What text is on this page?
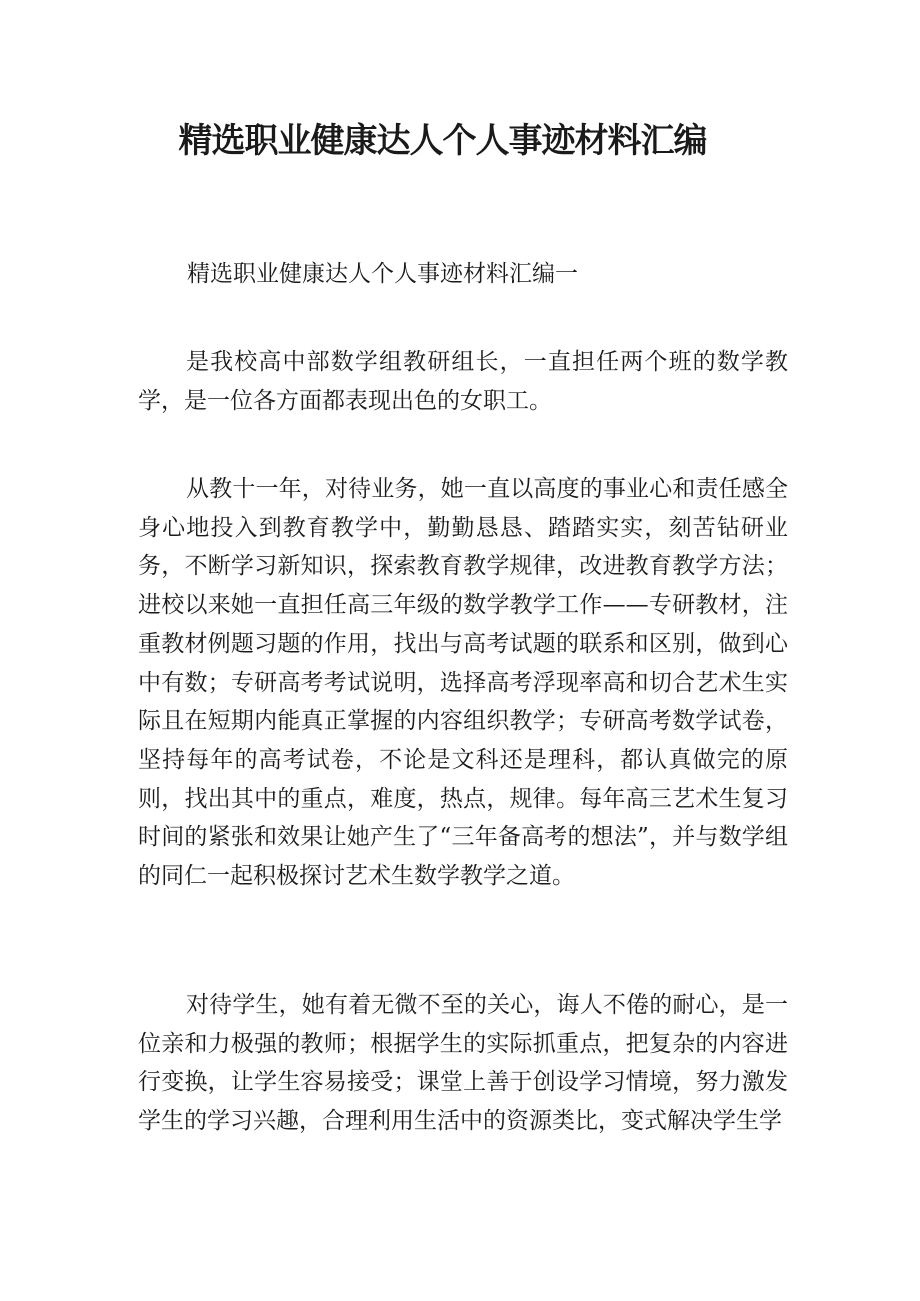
精选职业健康达人个人事迹材料汇编

精选职业健康达人个人事迹材料汇编一

是我校高中部数学组教研组长，一直担任两个班的数学教学，是一位各方面都表现出色的女职工。

从教十一年，对待业务，她一直以高度的事业心和责任感全身心地投入到教育教学中，勤勤恳恳、踏踏实实，刻苦钻研业务，不断学习新知识，探索教育教学规律，改进教育教学方法；进校以来她一直担任高三年级的数学教学工作——专研教材，注重教材例题习题的作用，找出与高考试题的联系和区别，做到心中有数；专研高考考试说明，选择高考浮现率高和切合艺术生实际且在短期内能真正掌握的内容组织教学；专研高考数学试卷，坚持每年的高考试卷，不论是文科还是理科，都认真做完的原则，找出其中的重点，难度，热点，规律。每年高三艺术生复习时间的紧张和效果让她产生了“三年备高考的想法”，并与数学组的同仁一起积极探讨艺术生数学教学之道。

对待学生，她有着无微不至的关心，诲人不倦的耐心，是一位亲和力极强的教师；根据学生的实际抓重点，把复杂的内容进行变换，让学生容易接受；课堂上善于创设学习情境，努力激发学生的学习兴趣，合理利用生活中的资源类比，变式解决学生学
